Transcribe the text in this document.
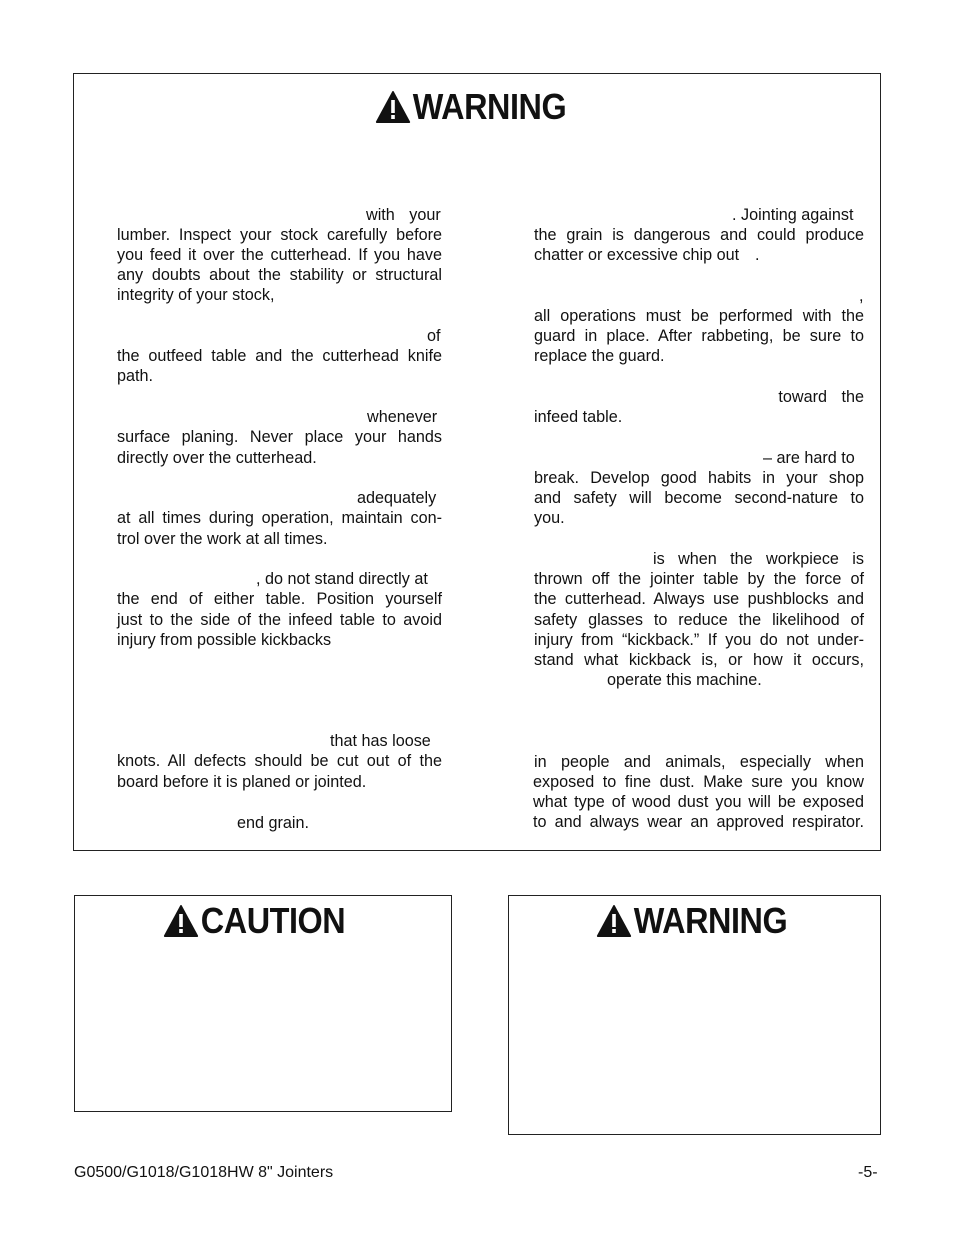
WARNING
with your
lumber. Inspect your stock carefully before
you feed it over the cutterhead. If you have
any doubts about the stability or structural
integrity of your stock,
of
the outfeed table and the cutterhead knife
path.
whenever
surface planing. Never place your hands
directly over the cutterhead.
adequately
at all times during operation, maintain con-
trol over the work at all times.
, do not stand directly at
the end of either table. Position yourself
just to the side of the infeed table to avoid
injury from possible kickbacks
that has loose
knots. All defects should be cut out of the
board before it is planed or jointed.
end grain.
. Jointing against
the grain is dangerous and could produce
chatter or excessive chip out .
,
all operations must be performed with the
guard in place. After rabbeting, be sure to
replace the guard.
toward the
infeed table.
– are hard to
break. Develop good habits in your shop
and safety will become second-nature to
you.
is when the workpiece is
thrown off the jointer table by the force of
the cutterhead. Always use pushblocks and
safety glasses to reduce the likelihood of
injury from “kickback.” If you do not under-
stand what kickback is, or how it occurs,
operate this machine.
in people and animals, especially when
exposed to fine dust. Make sure you know
what type of wood dust you will be exposed
to and always wear an approved respirator.
CAUTION	WARNING
G0500/G1018/G1018HW 8" Jointers	-5-
